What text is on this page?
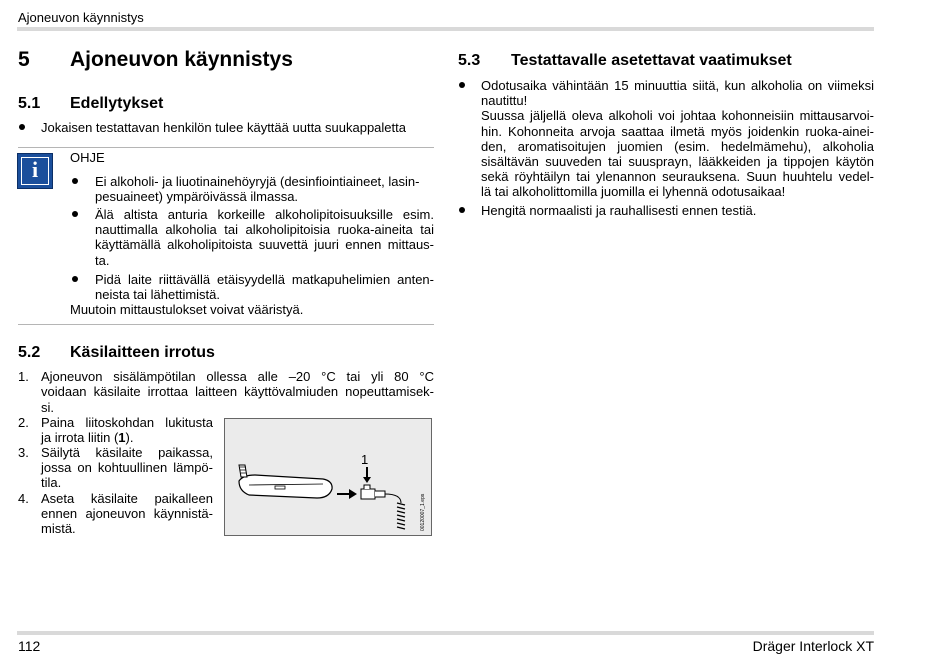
Ajoneuvon käynnistys
5 Ajoneuvon käynnistys
5.1 Edellytykset
Jokaisen testattavan henkilön tulee käyttää uutta suukappaletta
i	OHJE
Ei alkoholi- ja liuotinainehöyryjä (desinfiointiaineet, lasin-
pesuaineet) ympäröivässä ilmassa.
Älä altista anturia korkeille alkoholipitoisuuksille esim.
nauttimalla alkoholia tai alkoholipitoisia ruoka-aineita tai
käyttämällä alkoholipitoista suuvettä juuri ennen mittaus-
ta.
Pidä laite riittävällä etäisyydellä matkapuhelimien anten-
neista tai lähettimistä.
Muutoin mittaustulokset voivat vääristyä.
5.2 Käsilaitteen irrotus
1. Ajoneuvon sisälämpötilan ollessa alle –20 °C tai yli 80 °C
voidaan käsilaite irrottaa laitteen käyttövalmiuden nopeuttamisek-
si.
2. Paina liitoskohdan lukitusta
ja irrota liitin (1).
3. Säilytä käsilaite paikassa,
jossa on kohtuullinen lämpö-
tila.
4. Aseta käsilaite paikalleen
ennen ajoneuvon käynnistä-
mistä.
1
00120007_1.eps
5.3 Testattavalle asetettavat vaatimukset
Odotusaika vähintään 15 minuuttia siitä, kun alkoholia on viimeksi
nautittu!
Suussa jäljellä oleva alkoholi voi johtaa kohonneisiin mittausarvoi-
hin. Kohonneita arvoja saattaa ilmetä myös joidenkin ruoka-ainei-
den, aromatisoitujen juomien (esim. hedelmämehu), alkoholia
sisältävän suuveden tai suusprayn, lääkkeiden ja tippojen käytön
sekä röyhtäilyn tai ylenannon seurauksena. Suun huuhtelu vedel-
lä tai alkoholittomilla juomilla ei lyhennä odotusaikaa!
Hengitä normaalisti ja rauhallisesti ennen testiä.
112	Dräger Interlock XT
